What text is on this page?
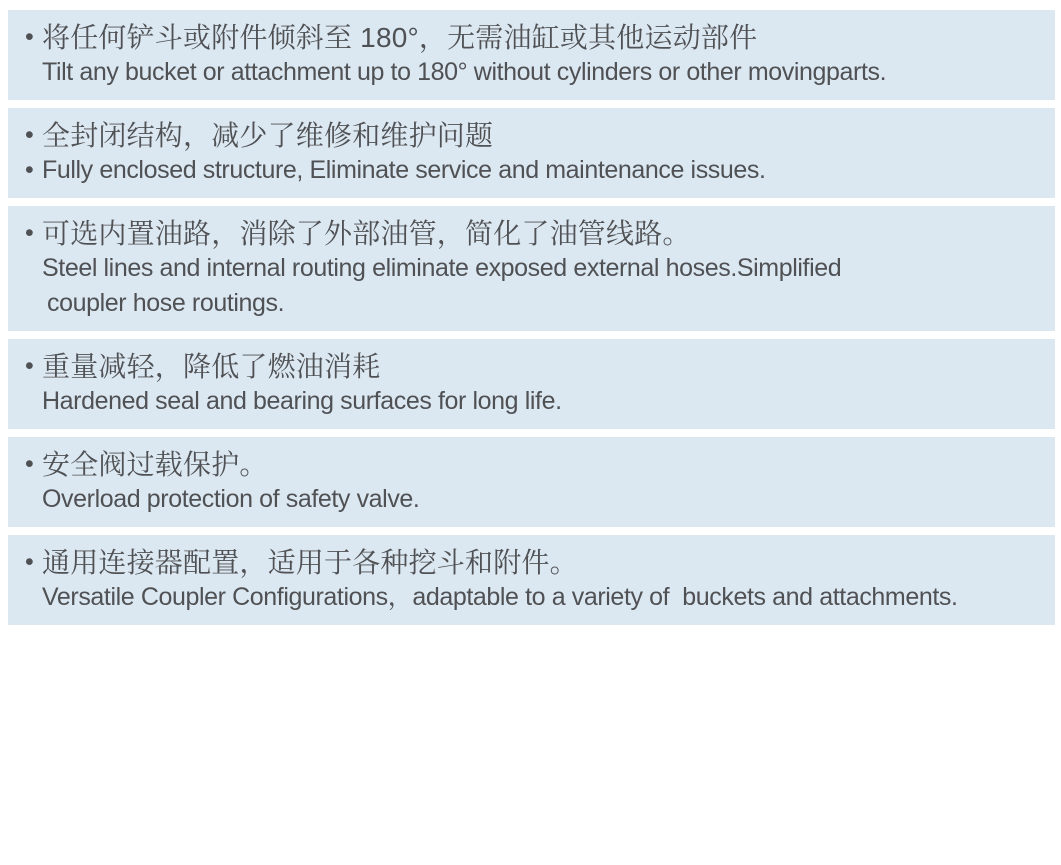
• 将任何铲斗或附件倾斜至 180°，无需油缸或其他运动部件
Tilt any bucket or attachment up to 180° without cylinders or other movingparts.
• 全封闭结构，减少了维修和维护问题
• Fully enclosed structure, Eliminate service and maintenance issues.
• 可选内置油路，消除了外部油管，简化了油管线路。
Steel lines and internal routing eliminate exposed external hoses.Simplified
coupler hose routings.
• 重量减轻，降低了燃油消耗
Hardened seal and bearing surfaces for long life.
• 安全阀过载保护。
Overload protection of safety valve.
• 通用连接器配置，适用于各种挖斗和附件。
Versatile Coupler Configurations，adaptable to a variety of  buckets and attachments.
